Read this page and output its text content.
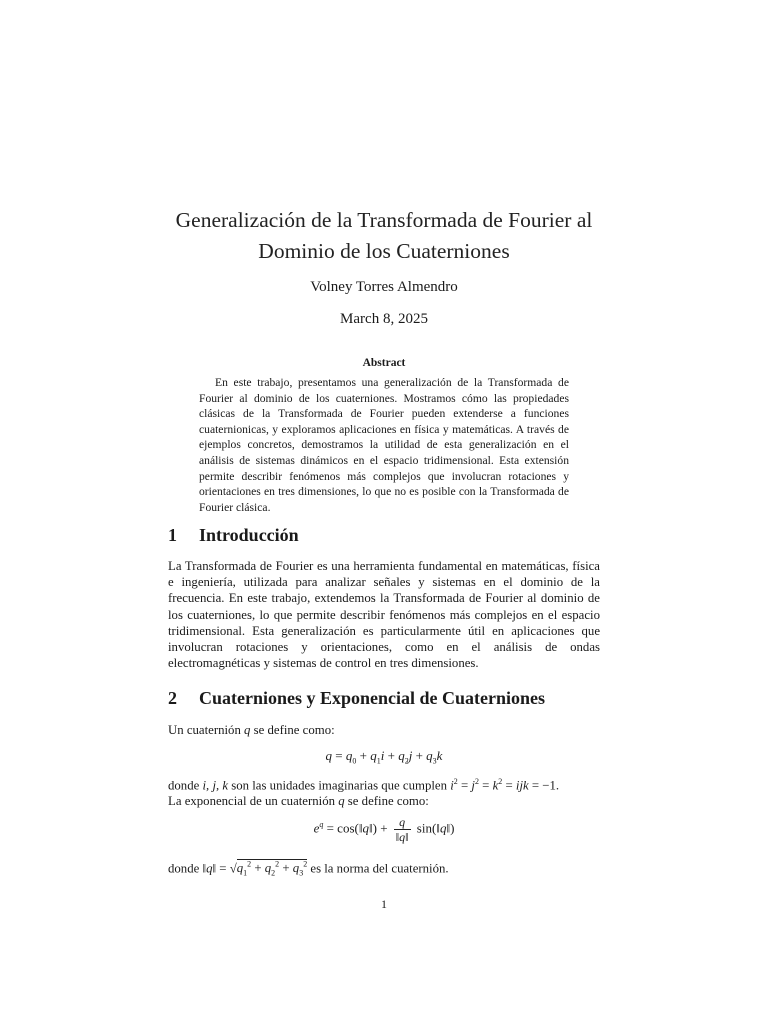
Generalización de la Transformada de Fourier al
Dominio de los Cuaterniones
Volney Torres Almendro
March 8, 2025
Abstract
En este trabajo, presentamos una generalización de la Transformada de Fourier al dominio de los cuaterniones. Mostramos cómo las propiedades clásicas de la Transformada de Fourier pueden extenderse a funciones cuaternionicas, y exploramos aplicaciones en física y matemáticas. A través de ejemplos concretos, demostramos la utilidad de esta generalización en el análisis de sistemas dinámicos en el espacio tridimensional. Esta extensión permite describir fenómenos más complejos que involucran rotaciones y orientaciones en tres dimensiones, lo que no es posible con la Transformada de Fourier clásica.
1 Introducción
La Transformada de Fourier es una herramienta fundamental en matemáticas, física e ingeniería, utilizada para analizar señales y sistemas en el dominio de la frecuencia. En este trabajo, extendemos la Transformada de Fourier al dominio de los cuaterniones, lo que permite describir fenómenos más complejos en el espacio tridimensional. Esta generalización es particularmente útil en aplicaciones que involucran rotaciones y orientaciones, como en el análisis de ondas electromagnéticas y sistemas de control en tres dimensiones.
2 Cuaterniones y Exponencial de Cuaterniones
Un cuaternión q se define como:
$q = q_0 + q_1i + q_2j + q_3k$
donde i, j, k son las unidades imaginarias que cumplen $i^2 = j^2 = k^2$ = ijk = −1.
La exponencial de un cuaternión q se define como:
$e^q$ = cos(‖q‖) + $\frac{q}{‖q‖}$ sin(‖q‖)
donde ‖q‖ = $√q_1^2 + q_2^2 + q_3^2$ es la norma del cuaternión.
1
